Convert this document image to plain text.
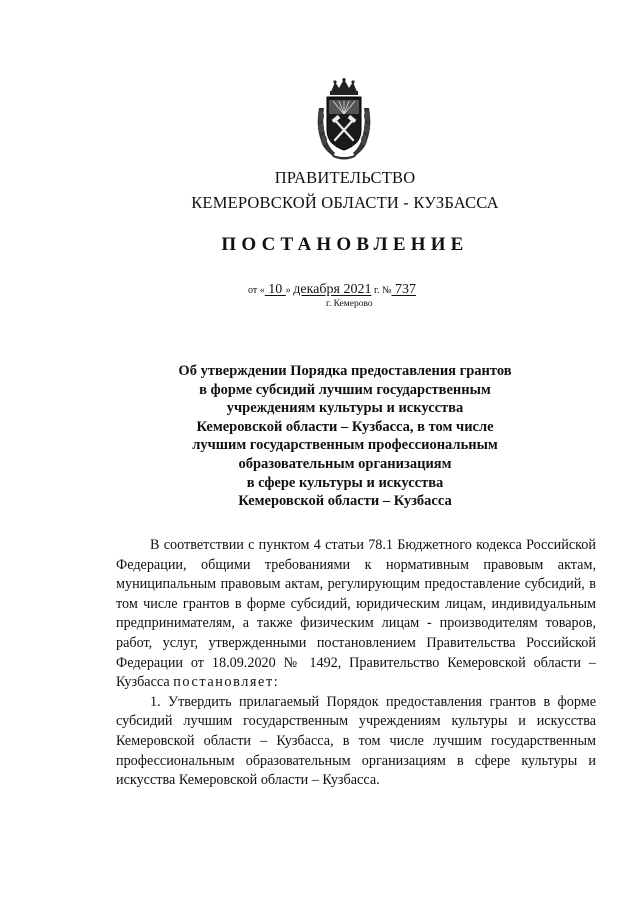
ПРАВИТЕЛЬСТВО
КЕМЕРОВСКОЙ ОБЛАСТИ - КУЗБАССА
ПОСТАНОВЛЕНИЕ
от « 10 » декабря 2021 г. № 737
г. Кемерово
Об утверждении Порядка предоставления грантов
в форме субсидий лучшим государственным
учреждениям культуры и искусства
Кемеровской области – Кузбасса, в том числе
лучшим государственным профессиональным
образовательным организациям
в сфере культуры и искусства
Кемеровской области – Кузбасса

В соответствии с пунктом 4 статьи 78.1 Бюджетного кодекса Российской Федерации, общими требованиями к нормативным правовым актам, муниципальным правовым актам, регулирующим предоставление субсидий, в том числе грантов в форме субсидий, юридическим лицам, индивидуальным предпринимателям, а также физическим лицам - производителям товаров, работ, услуг, утвержденными постановлением Правительства Российской Федерации от 18.09.2020 № 1492, Правительство Кемеровской области – Кузбасса постановляет:

1. Утвердить прилагаемый Порядок предоставления грантов в форме субсидий лучшим государственным учреждениям культуры и искусства Кемеровской области – Кузбасса, в том числе лучшим государственным профессиональным образовательным организациям в сфере культуры и искусства Кемеровской области – Кузбасса.
